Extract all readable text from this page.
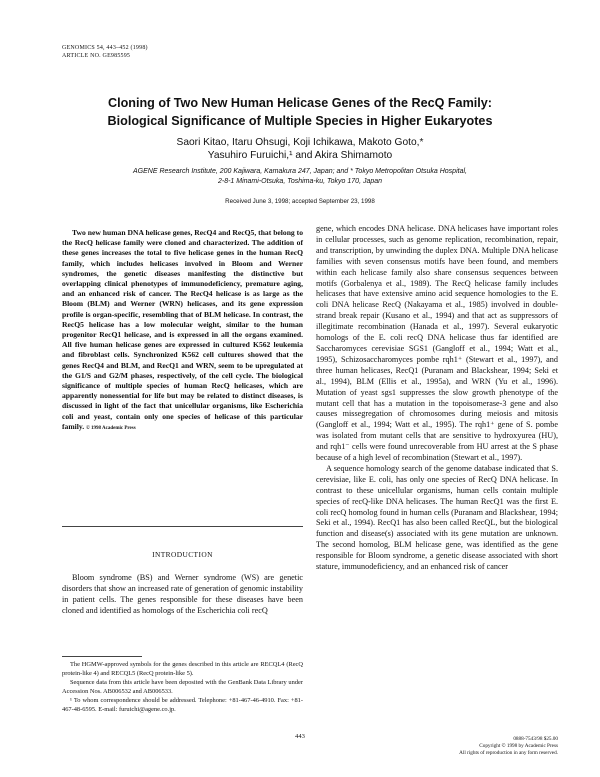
GENOMICS 54, 443–452 (1998)
ARTICLE NO. GE985595
Cloning of Two New Human Helicase Genes of the RecQ Family:
Biological Significance of Multiple Species in Higher Eukaryotes
Saori Kitao, Itaru Ohsugi, Koji Ichikawa, Makoto Goto,*
Yasuhiro Furuichi,¹ and Akira Shimamoto
AGENE Research Institute, 200 Kajiwara, Kamakura 247, Japan; and * Tokyo Metropolitan Otsuka Hospital,
2-8-1 Minami-Otsuka, Toshima-ku, Tokyo 170, Japan
Received June 3, 1998; accepted September 23, 1998
Two new human DNA helicase genes, RecQ4 and RecQ5, that belong to the RecQ helicase family were cloned and characterized. The addition of these genes increases the total to five helicase genes in the human RecQ family, which includes helicases involved in Bloom and Werner syndromes, the genetic diseases manifesting the distinctive but overlapping clinical phenotypes of immunodeficiency, premature aging, and an enhanced risk of cancer. The RecQ4 helicase is as large as the Bloom (BLM) and Werner (WRN) helicases, and its gene expression profile is organ-specific, resembling that of BLM helicase. In contrast, the RecQ5 helicase has a low molecular weight, similar to the human progenitor RecQ1 helicase, and is expressed in all the organs examined. All five human helicase genes are expressed in cultured K562 leukemia and fibroblast cells. Synchronized K562 cell cultures showed that the genes RecQ4 and BLM, and RecQ1 and WRN, seem to be upregulated at the G1/S and G2/M phases, respectively, of the cell cycle. The biological significance of multiple species of human RecQ helicases, which are apparently nonessential for life but may be related to distinct diseases, is discussed in light of the fact that unicellular organisms, like Escherichia coli and yeast, contain only one species of helicase of this particular family. © 1998 Academic Press
INTRODUCTION
Bloom syndrome (BS) and Werner syndrome (WS) are genetic disorders that show an increased rate of generation of genomic instability in patient cells. The genes responsible for these diseases have been cloned and identified as homologs of the Escherichia coli recQ

The HGMW-approved symbols for the genes described in this article are RECQL4 (RecQ protein-like 4) and RECQL5 (RecQ protein-like 5).

Sequence data from this article have been deposited with the GenBank Data Library under Accession Nos. AB006532 and AB006533.

¹ To whom correspondence should be addressed. Telephone: +81-467-46-4910. Fax: +81-467-48-6595. E-mail: furuichi@agene.co.jp.

gene, which encodes DNA helicase. DNA helicases have important roles in cellular processes, such as genome replication, recombination, repair, and transcription, by unwinding the duplex DNA. Multiple DNA helicase families with seven consensus motifs have been found, and members within each helicase family also share consensus sequences between motifs (Gorbalenya et al., 1989). The RecQ helicase family includes helicases that have extensive amino acid sequence homologies to the E. coli DNA helicase RecQ (Nakayama et al., 1985) involved in double-strand break repair (Kusano et al., 1994) and that act as suppressors of illegitimate recombination (Hanada et al., 1997). Several eukaryotic homologs of the E. coli recQ DNA helicase thus far identified are Saccharomyces cerevisiae SGS1 (Gangloff et al., 1994; Watt et al., 1995), Schizosaccharomyces pombe rqh1⁺ (Stewart et al., 1997), and three human helicases, RecQ1 (Puranam and Blackshear, 1994; Seki et al., 1994), BLM (Ellis et al., 1995a), and WRN (Yu et al., 1996). Mutation of yeast sgs1 suppresses the slow growth phenotype of the mutant cell that has a mutation in the topoisomerase-3 gene and also causes missegregation of chromosomes during meiosis and mitosis (Gangloff et al., 1994; Watt et al., 1995). The rqh1⁺ gene of S. pombe was isolated from mutant cells that are sensitive to hydroxyurea (HU), and rqh1⁻ cells were found unrecoverable from HU arrest at the S phase because of a high level of recombination (Stewart et al., 1997).

A sequence homology search of the genome database indicated that S. cerevisiae, like E. coli, has only one species of RecQ DNA helicase. In contrast to these unicellular organisms, human cells contain multiple species of recQ-like DNA helicases. The human RecQ1 was the first E. coli recQ homolog found in human cells (Puranam and Blackshear, 1994; Seki et al., 1994). RecQ1 has also been called RecQL, but the biological function and disease(s) associated with its gene mutation are unknown. The second homolog, BLM helicase gene, was identified as the gene responsible for Bloom syndrome, a genetic disease associated with short stature, immunodeficiency, and an enhanced risk of cancer

443	0888-7543/98 $25.00
Copyright © 1998 by Academic Press
All rights of reproduction in any form reserved.
